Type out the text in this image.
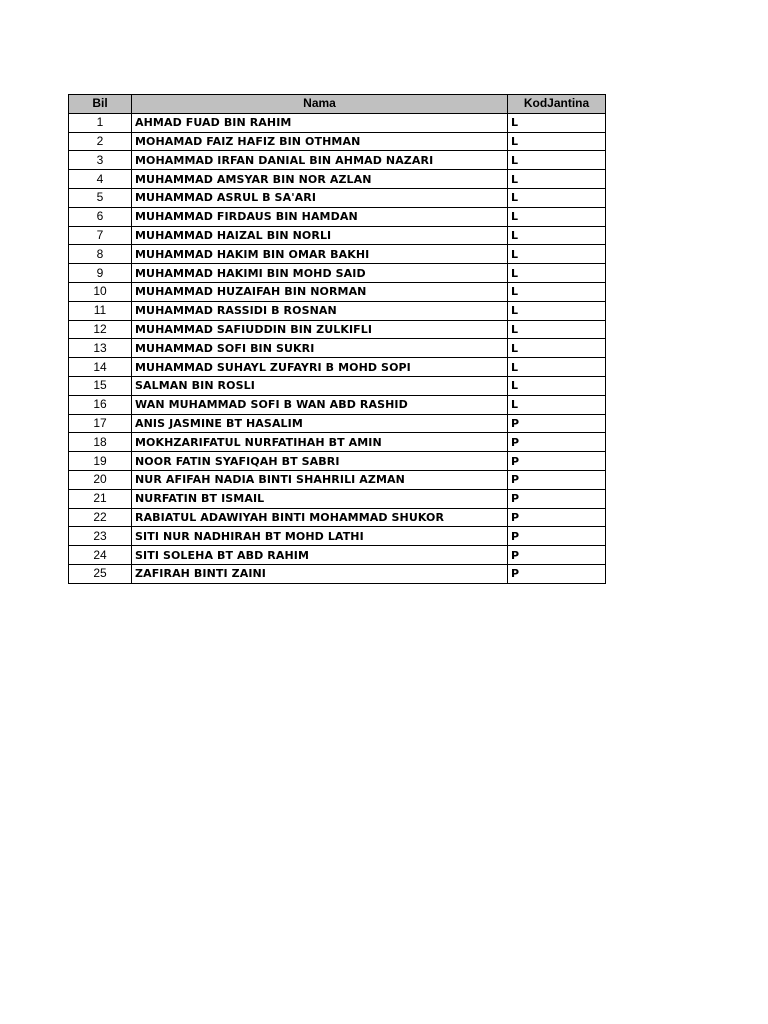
Bil	Nama	KodJantina
1	AHMAD FUAD BIN RAHIM	L
2	MOHAMAD FAIZ HAFIZ BIN OTHMAN	L
3	MOHAMMAD IRFAN DANIAL BIN AHMAD NAZARI	L
4	MUHAMMAD AMSYAR BIN NOR AZLAN	L
5	MUHAMMAD ASRUL B SA'ARI	L
6	MUHAMMAD FIRDAUS BIN HAMDAN	L
7	MUHAMMAD HAIZAL BIN NORLI	L
8	MUHAMMAD HAKIM BIN OMAR BAKHI	L
9	MUHAMMAD HAKIMI BIN MOHD SAID	L
10	MUHAMMAD HUZAIFAH BIN NORMAN	L
11	MUHAMMAD RASSIDI B ROSNAN	L
12	MUHAMMAD SAFIUDDIN BIN ZULKIFLI	L
13	MUHAMMAD SOFI BIN SUKRI	L
14	MUHAMMAD SUHAYL ZUFAYRI B MOHD SOPI	L
15	SALMAN BIN ROSLI	L
16	WAN MUHAMMAD SOFI B WAN ABD RASHID	L
17	ANIS JASMINE BT HASALIM	P
18	MOKHZARIFATUL NURFATIHAH BT AMIN	P
19	NOOR FATIN SYAFIQAH BT SABRI	P
20	NUR AFIFAH NADIA BINTI SHAHRILI AZMAN	P
21	NURFATIN BT ISMAIL	P
22	RABIATUL ADAWIYAH BINTI MOHAMMAD SHUKOR	P
23	SITI NUR NADHIRAH BT MOHD LATHI	P
24	SITI SOLEHA BT ABD RAHIM	P
25	ZAFIRAH BINTI ZAINI	P
